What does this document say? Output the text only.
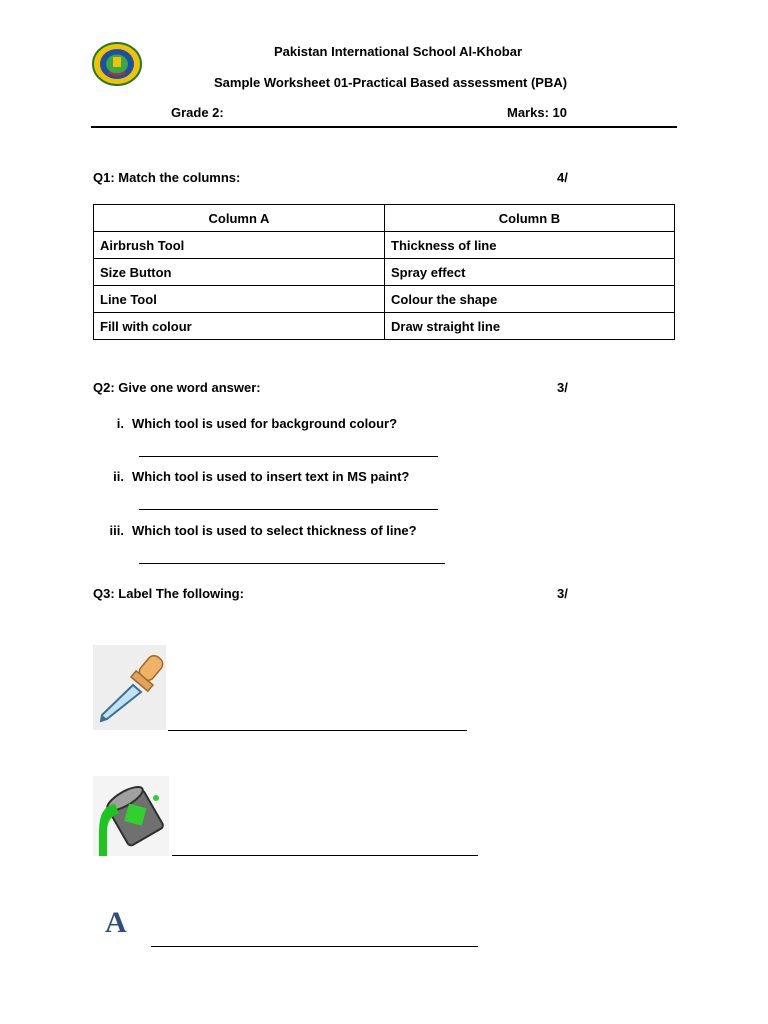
Pakistan International School Al-Khobar
Sample Worksheet 01-Practical Based assessment (PBA)
Grade 2:	Marks: 10
Q1: Match the columns:	4/
Column A	Column B
Airbrush Tool	Thickness of line
Size Button	Spray effect
Line Tool	Colour the shape
Fill with colour	Draw straight line
Q2: Give one word answer:	3/
i. Which tool is used for background colour?
ii. Which tool is used to insert text in MS paint?
iii. Which tool is used to select thickness of line?
Q3: Label The following:	3/
A
